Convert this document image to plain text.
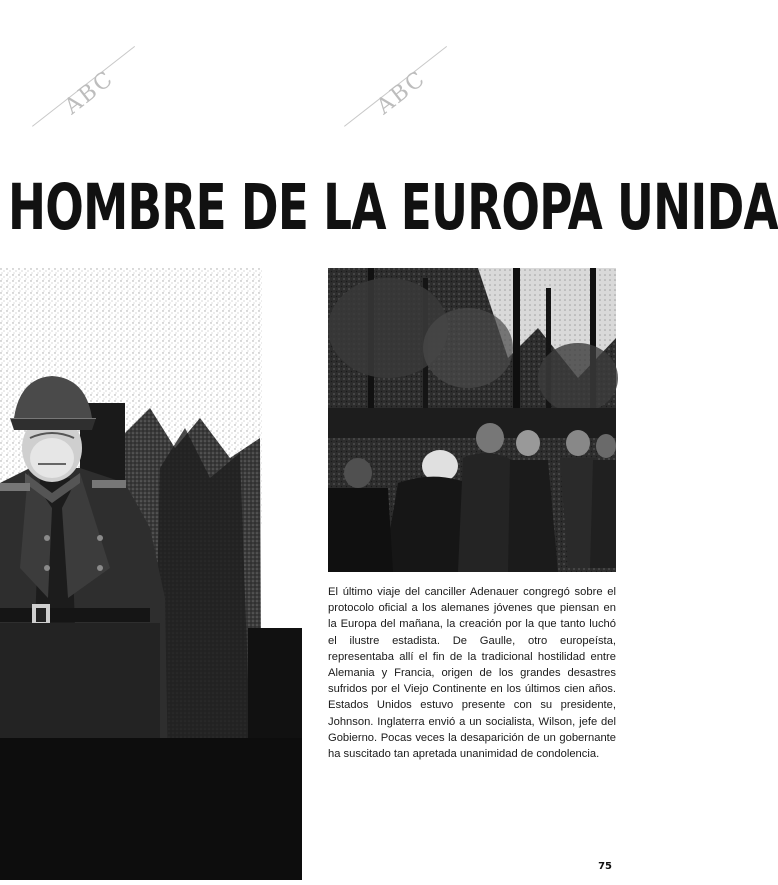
ABC	ABC
HOMBRE DE LA EUROPA UNIDA

El último viaje del canciller Adenauer congregó sobre el protocolo oficial a los alemanes jóvenes que piensan en la Europa del mañana, la creación por la que tanto luchó el ilustre estadista. De Gaulle, otro europeísta, representaba allí el fin de la tradicional hostilidad entre Alemania y Francia, origen de los grandes desastres sufridos por el Viejo Continente en los últimos cien años. Estados Unidos estuvo presente con su presidente, Johnson. Inglaterra envió a un socialista, Wilson, jefe del Gobierno. Pocas veces la desaparición de un gobernante ha suscitado tan apretada unanimidad de condolencia.

75
